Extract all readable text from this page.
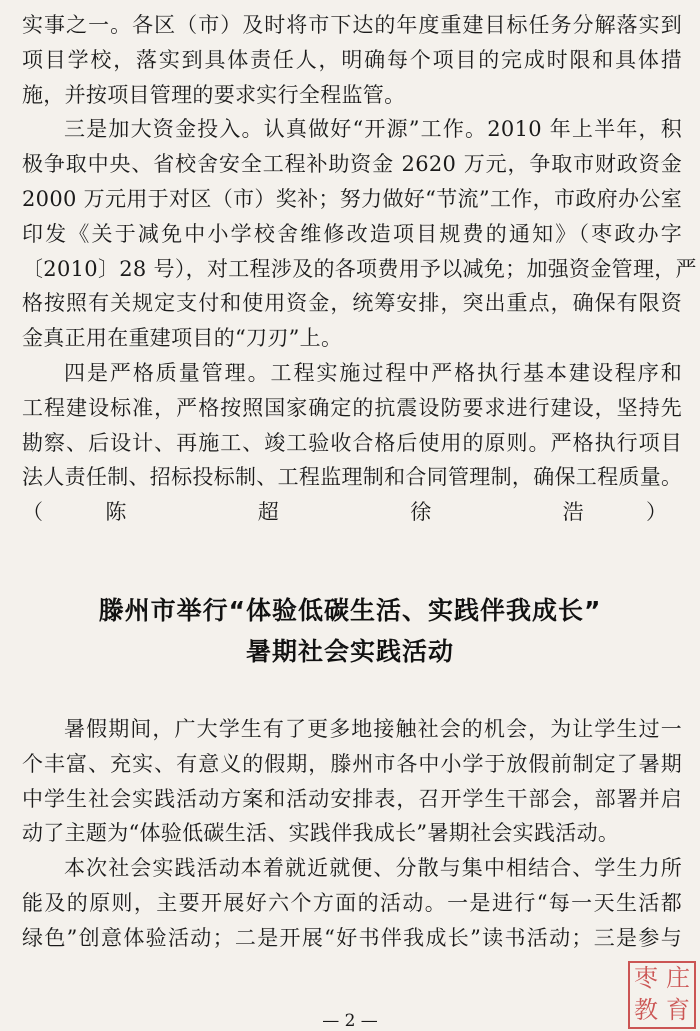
实事之一。各区（市）及时将市下达的年度重建目标任务分解落实到
项目学校，落实到具体责任人，明确每个项目的完成时限和具体措
施，并按项目管理的要求实行全程监管。
三是加大资金投入。认真做好“开源”工作。2010 年上半年，积
极争取中央、省校舍安全工程补助资金 2620 万元，争取市财政资金
2000 万元用于对区（市）奖补；努力做好“节流”工作，市政府办公室
印发《关于减免中小学校舍维修改造项目规费的通知》（枣政办字
〔2010〕28 号），对工程涉及的各项费用予以减免；加强资金管理，严
格按照有关规定支付和使用资金，统筹安排，突出重点，确保有限资
金真正用在重建项目的“刀刃”上。
四是严格质量管理。工程实施过程中严格执行基本建设程序和
工程建设标准，严格按照国家确定的抗震设防要求进行建设，坚持先
勘察、后设计、再施工、竣工验收合格后使用的原则。严格执行项目
法人责任制、招标投标制、工程监理制和合同管理制，确保工程质量。
（陈 超 徐 浩）
滕州市举行“体验低碳生活、实践伴我成长”
暑期社会实践活动
暑假期间，广大学生有了更多地接触社会的机会，为让学生过一
个丰富、充实、有意义的假期，滕州市各中小学于放假前制定了暑期
中学生社会实践活动方案和活动安排表，召开学生干部会，部署并启
动了主题为“体验低碳生活、实践伴我成长”暑期社会实践活动。
本次社会实践活动本着就近就便、分散与集中相结合、学生力所
能及的原则，主要开展好六个方面的活动。一是进行“每一天生活都
绿色”创意体验活动；二是开展“好书伴我成长”读书活动；三是参与
— 2 —
枣 庄
教 育
